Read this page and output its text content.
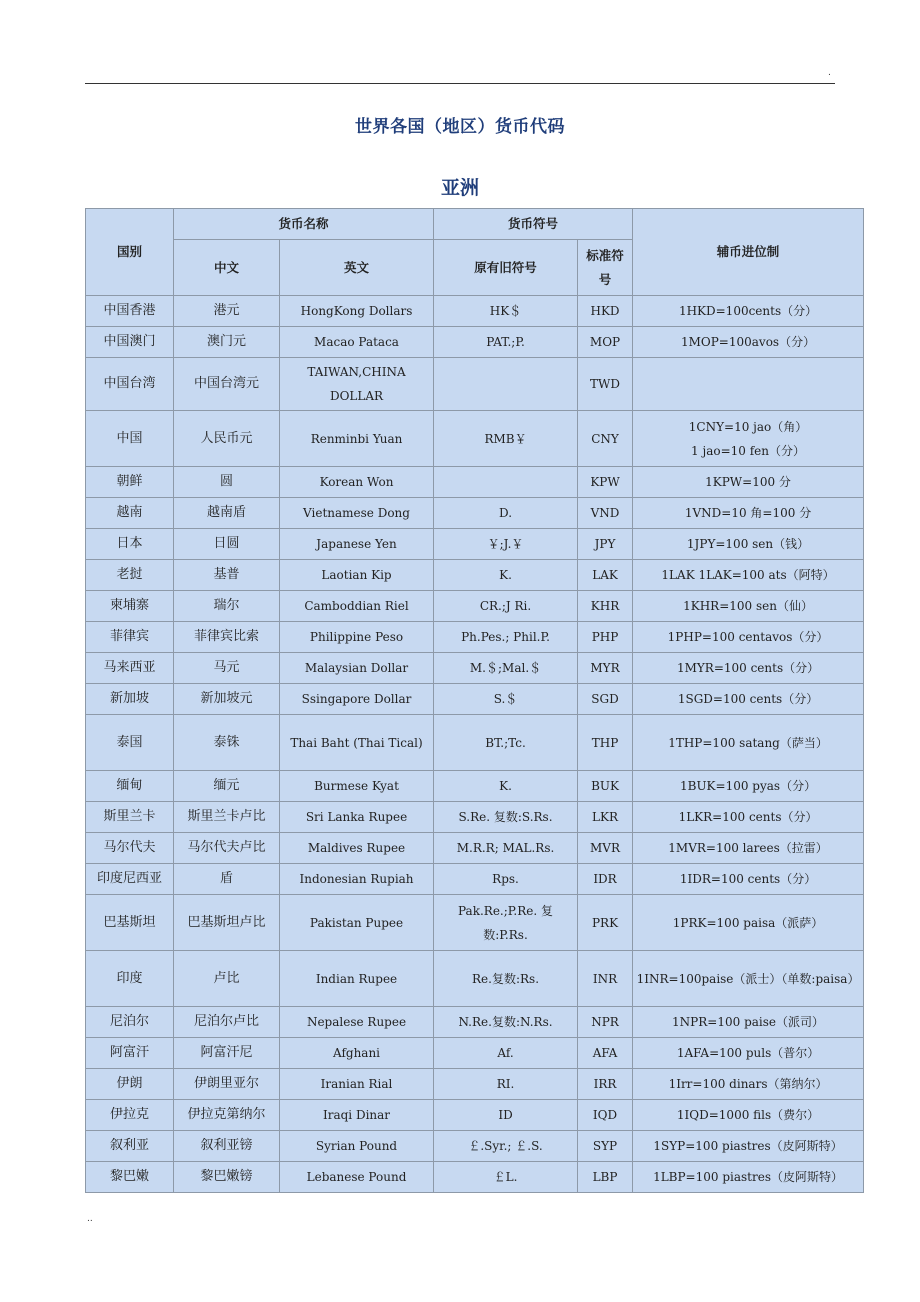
.
世界各国（地区）货币代码
亚洲
国别	货币名称		货币符号		辅币进位制
	中文	英文	原有旧符号	标准符号	
中国香港	港元	HongKong Dollars	HK＄	HKD	1HKD=100cents（分）
中国澳门	澳门元	Macao Pataca	PAT.;P.	MOP	1MOP=100avos（分）
中国台湾	中国台湾元	TAIWAN,CHINA DOLLAR		TWD	
中国	人民币元	Renminbi Yuan	RMB￥	CNY	1CNY=10 jao（角）
1 jao=10 fen（分）
朝鲜	圆	Korean Won		KPW	1KPW=100 分
越南	越南盾	Vietnamese Dong	D.	VND	1VND=10 角=100 分
日本	日圆	Japanese Yen	￥;J.￥	JPY	1JPY=100 sen（钱）
老挝	基普	Laotian Kip	K.	LAK	1LAK 1LAK=100 ats（阿特）
柬埔寨	瑞尔	Camboddian Riel	CR.;J Ri.	KHR	1KHR=100 sen（仙）
菲律宾	菲律宾比索	Philippine Peso	Ph.Pes.; Phil.P.	PHP	1PHP=100 centavos（分）
马来西亚	马元	Malaysian Dollar	M.＄;Mal.＄	MYR	1MYR=100 cents（分）
新加坡	新加坡元	Ssingapore Dollar	S.＄	SGD	1SGD=100 cents（分）
泰国	泰铢	Thai Baht (Thai Tical)	BT.;Tc.	THP	1THP=100 satang（萨当）
缅甸	缅元	Burmese Kyat	K.	BUK	1BUK=100 pyas（分）
斯里兰卡	斯里兰卡卢比	Sri Lanka Rupee	S.Re. 复数:S.Rs.	LKR	1LKR=100 cents（分）
马尔代夫	马尔代夫卢比	Maldives Rupee	M.R.R; MAL.Rs.	MVR	1MVR=100 larees（拉雷）
印度尼西亚	盾	Indonesian Rupiah	Rps.	IDR	1IDR=100 cents（分）
巴基斯坦	巴基斯坦卢比	Pakistan Pupee	Pak.Re.;P.Re. 复数:P.Rs.	PRK	1PRK=100 paisa（派萨）
印度	卢比	Indian Rupee	Re.复数:Rs.	INR	1INR=100paise（派士）（单数:paisa）
尼泊尔	尼泊尔卢比	Nepalese Rupee	N.Re.复数:N.Rs.	NPR	1NPR=100 paise（派司）
阿富汗	阿富汗尼	Afghani	Af.	AFA	1AFA=100 puls（普尔）
伊朗	伊朗里亚尔	Iranian Rial	RI.	IRR	1Irr=100 dinars（第纳尔）
伊拉克	伊拉克第纳尔	Iraqi Dinar	ID	IQD	1IQD=1000 fils（费尔）
叙利亚	叙利亚镑	Syrian Pound	￡.Syr.; ￡.S.	SYP	1SYP=100 piastres（皮阿斯特）
黎巴嫩	黎巴嫩镑	Lebanese Pound	￡L.	LBP	1LBP=100 piastres（皮阿斯特）
..
